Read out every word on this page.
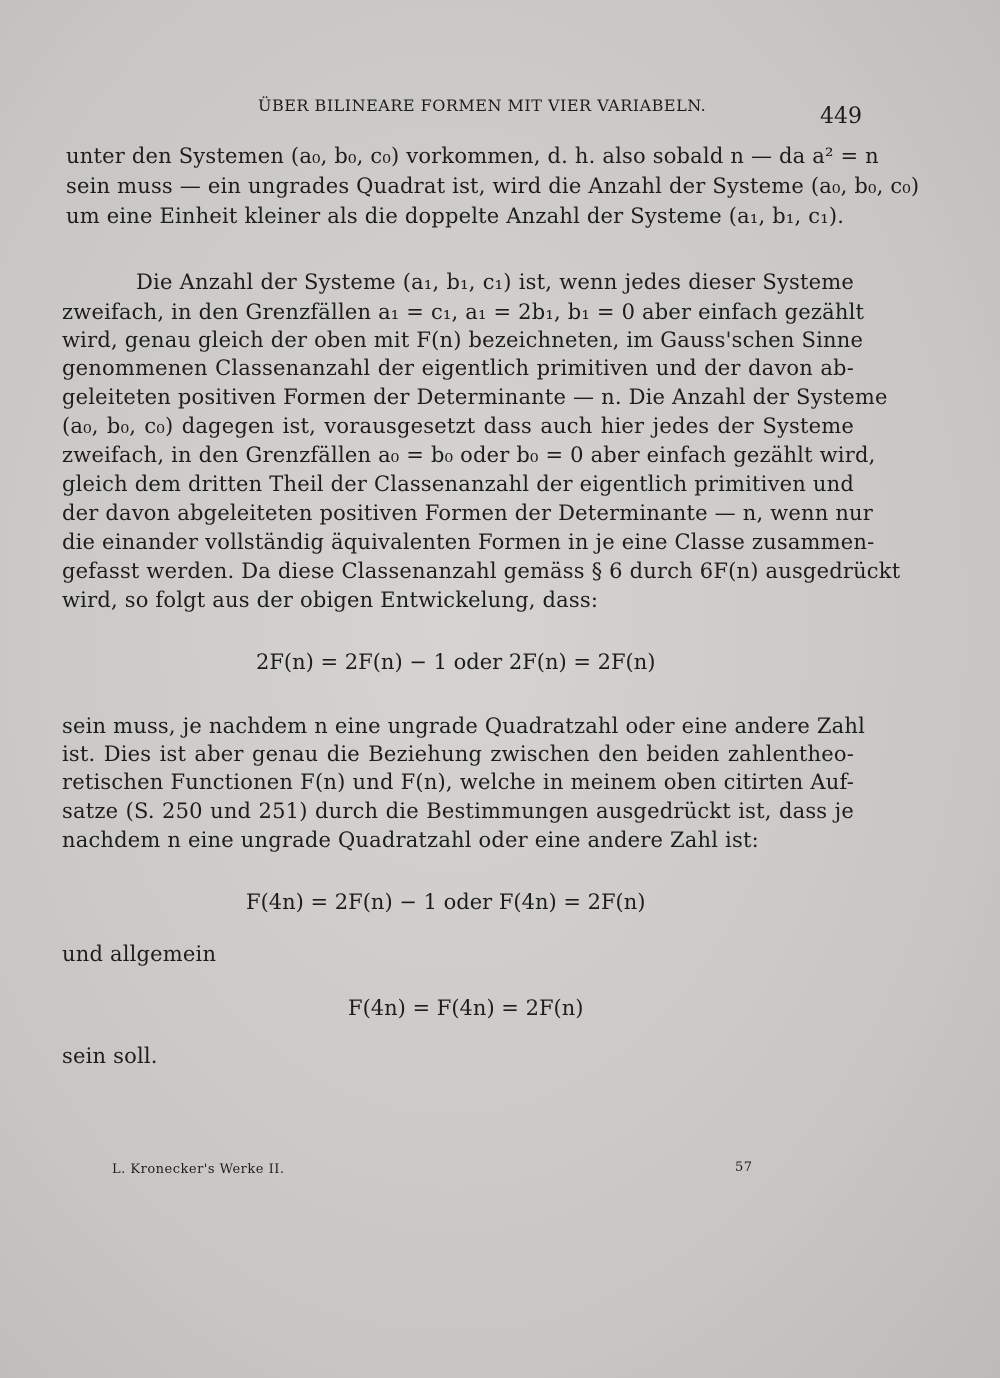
ÜBER BILINEARE FORMEN MIT VIER VARIABELN.	449
unter den Systemen (a₀, b₀, c₀) vorkommen, d. h. also sobald n — da a² = n
sein muss — ein ungrades Quadrat ist, wird die Anzahl der Systeme (a₀, b₀, c₀)
um eine Einheit kleiner als die doppelte Anzahl der Systeme (a₁, b₁, c₁).
Die Anzahl der Systeme (a₁, b₁, c₁) ist, wenn jedes dieser Systeme
zweifach, in den Grenzfällen a₁ = c₁, a₁ = 2b₁, b₁ = 0 aber einfach gezählt
wird, genau gleich der oben mit F(n) bezeichneten, im Gauss'schen Sinne
genommenen Classenanzahl der eigentlich primitiven und der davon ab-
geleiteten positiven Formen der Determinante — n. Die Anzahl der Systeme
(a₀, b₀, c₀) dagegen ist, vorausgesetzt dass auch hier jedes der Systeme
zweifach, in den Grenzfällen a₀ = b₀ oder b₀ = 0 aber einfach gezählt wird,
gleich dem dritten Theil der Classenanzahl der eigentlich primitiven und
der davon abgeleiteten positiven Formen der Determinante — n, wenn nur
die einander vollständig äquivalenten Formen in je eine Classe zusammen-
gefasst werden. Da diese Classenanzahl gemäss § 6 durch 6F(n) ausgedrückt
wird, so folgt aus der obigen Entwickelung, dass:
2F(n) = 2F(n) − 1 oder 2F(n) = 2F(n)
sein muss, je nachdem n eine ungrade Quadratzahl oder eine andere Zahl
ist. Dies ist aber genau die Beziehung zwischen den beiden zahlentheo-
retischen Functionen F(n) und F(n), welche in meinem oben citirten Auf-
satze (S. 250 und 251) durch die Bestimmungen ausgedrückt ist, dass je
nachdem n eine ungrade Quadratzahl oder eine andere Zahl ist:
F(4n) = 2F(n) − 1 oder F(4n) = 2F(n)
und allgemein
F(4n) = F(4n) = 2F(n)
sein soll.
L. Kronecker's Werke II.	57
